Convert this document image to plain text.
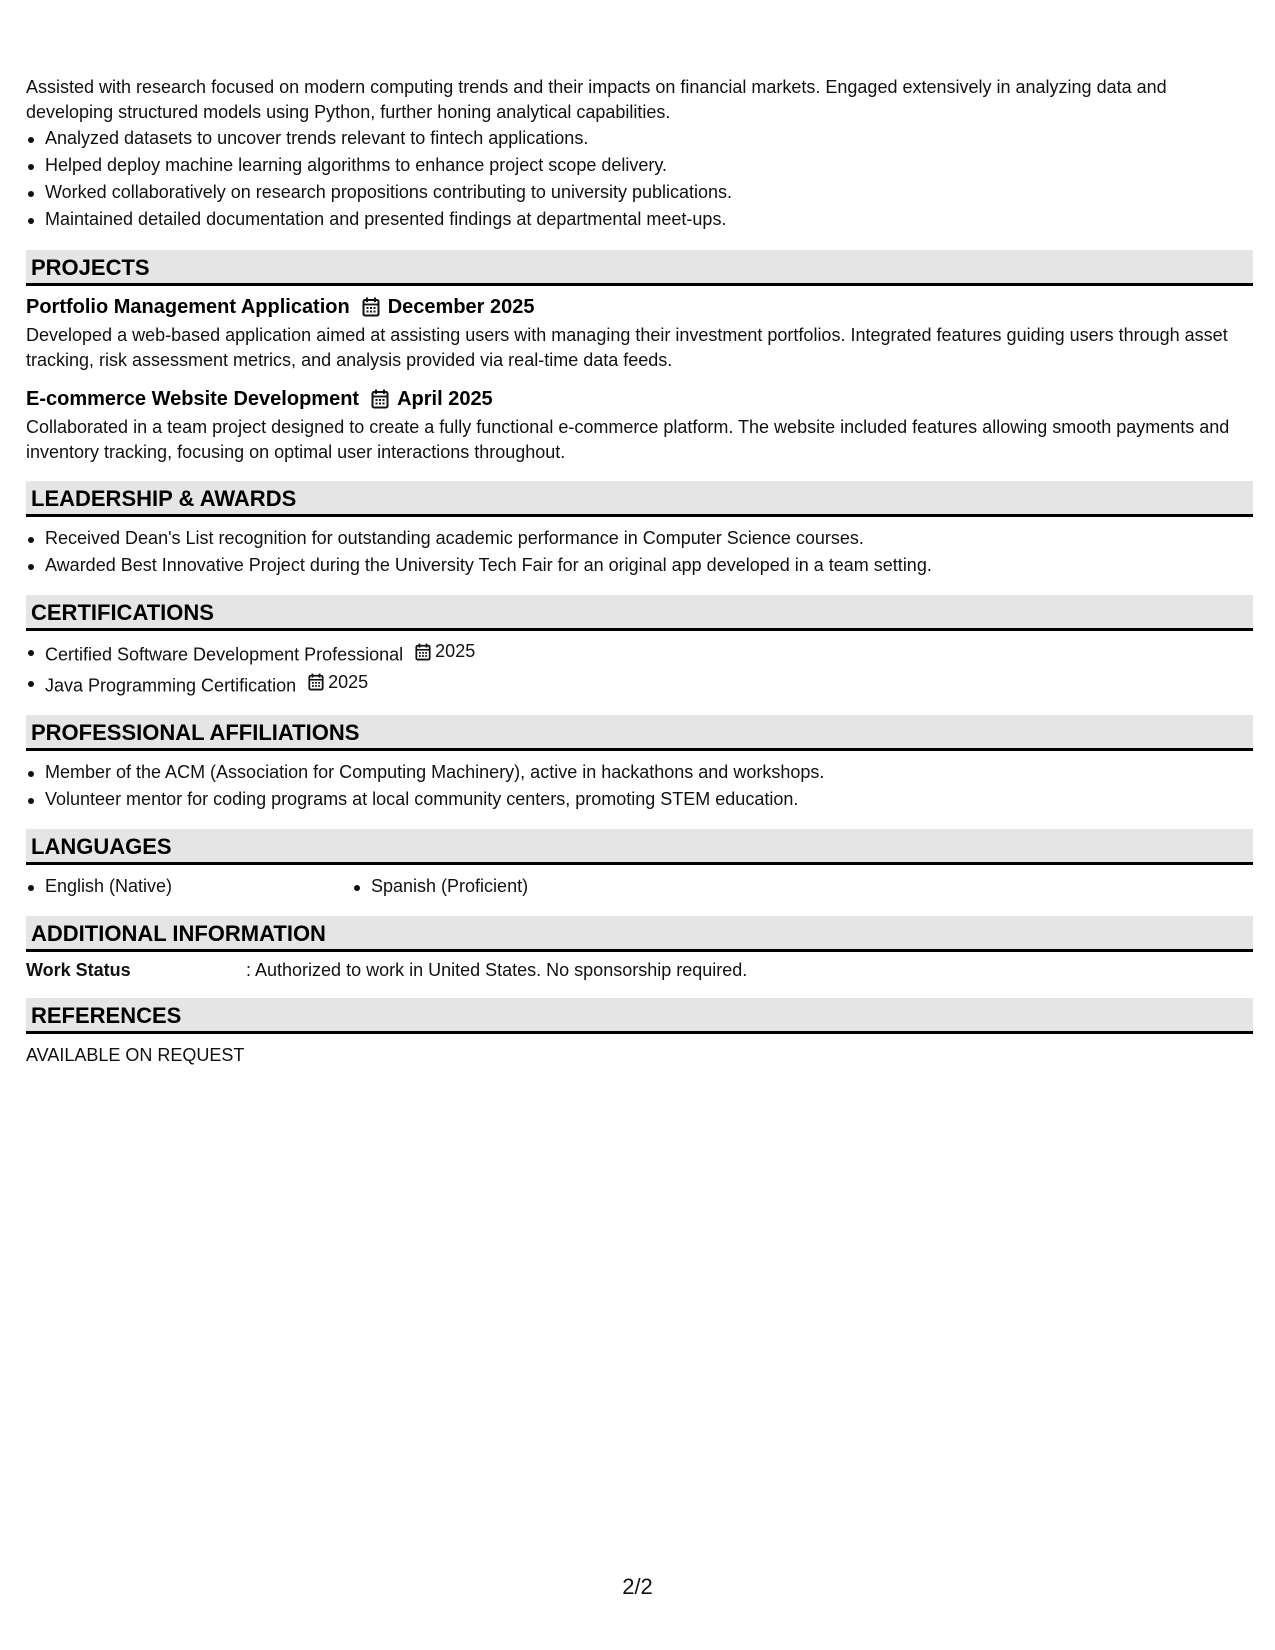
Assisted with research focused on modern computing trends and their impacts on financial markets. Engaged extensively in analyzing data and developing structured models using Python, further honing analytical capabilities.

Analyzed datasets to uncover trends relevant to fintech applications.
Helped deploy machine learning algorithms to enhance project scope delivery.
Worked collaboratively on research propositions contributing to university publications.
Maintained detailed documentation and presented findings at departmental meet-ups.
PROJECTS
Portfolio Management Application December 2025

Developed a web-based application aimed at assisting users with managing their investment portfolios. Integrated features guiding users through asset tracking, risk assessment metrics, and analysis provided via real-time data feeds.

E-commerce Website Development April 2025

Collaborated in a team project designed to create a fully functional e-commerce platform. The website included features allowing smooth payments and inventory tracking, focusing on optimal user interactions throughout.

LEADERSHIP & AWARDS
Received Dean's List recognition for outstanding academic performance in Computer Science courses.
Awarded Best Innovative Project during the University Tech Fair for an original app developed in a team setting.
CERTIFICATIONS
Certified Software Development Professional 2025
Java Programming Certification 2025
PROFESSIONAL AFFILIATIONS
Member of the ACM (Association for Computing Machinery), active in hackathons and workshops.
Volunteer mentor for coding programs at local community centers, promoting STEM education.
LANGUAGES
English (Native)	Spanish (Proficient)
ADDITIONAL INFORMATION
Work Status	: Authorized to work in United States. No sponsorship required.
REFERENCES

AVAILABLE ON REQUEST

2/2
